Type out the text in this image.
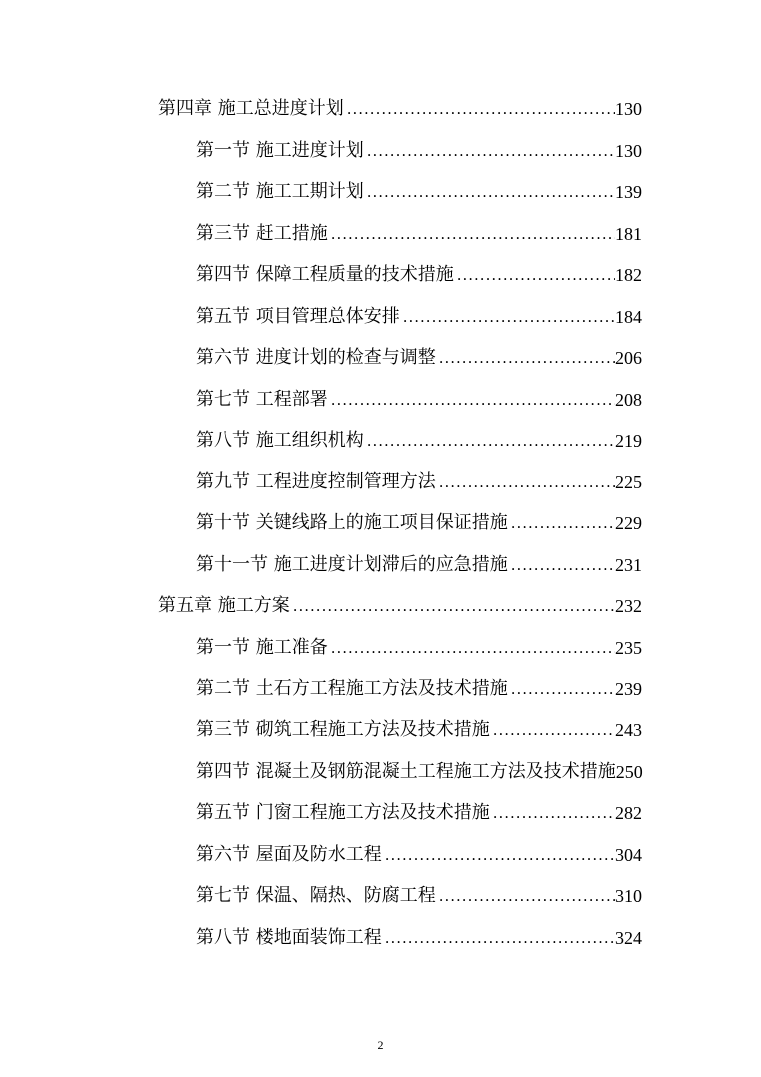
第四章 施工总进度计划 .....	130
第一节 施工进度计划 .....	130
第二节 施工工期计划 .....	139
第三节 赶工措施 .....	181
第四节 保障工程质量的技术措施 .....	182
第五节 项目管理总体安排 .....	184
第六节 进度计划的检查与调整 .....	206
第七节 工程部署 .....	208
第八节 施工组织机构 .....	219
第九节 工程进度控制管理方法 .....	225
第十节 关键线路上的施工项目保证措施 .....	229
第十一节 施工进度计划滞后的应急措施 .....	231
第五章 施工方案 .....	232
第一节 施工准备 .....	235
第二节 土石方工程施工方法及技术措施 .....	239
第三节 砌筑工程施工方法及技术措施 .....	243
第四节 混凝土及钢筋混凝土工程施工方法及技术措施 250
第五节 门窗工程施工方法及技术措施 .....	282
第六节 屋面及防水工程 .....	304
第七节 保温、隔热、防腐工程 .....	310
第八节 楼地面装饰工程 .....	324
2
